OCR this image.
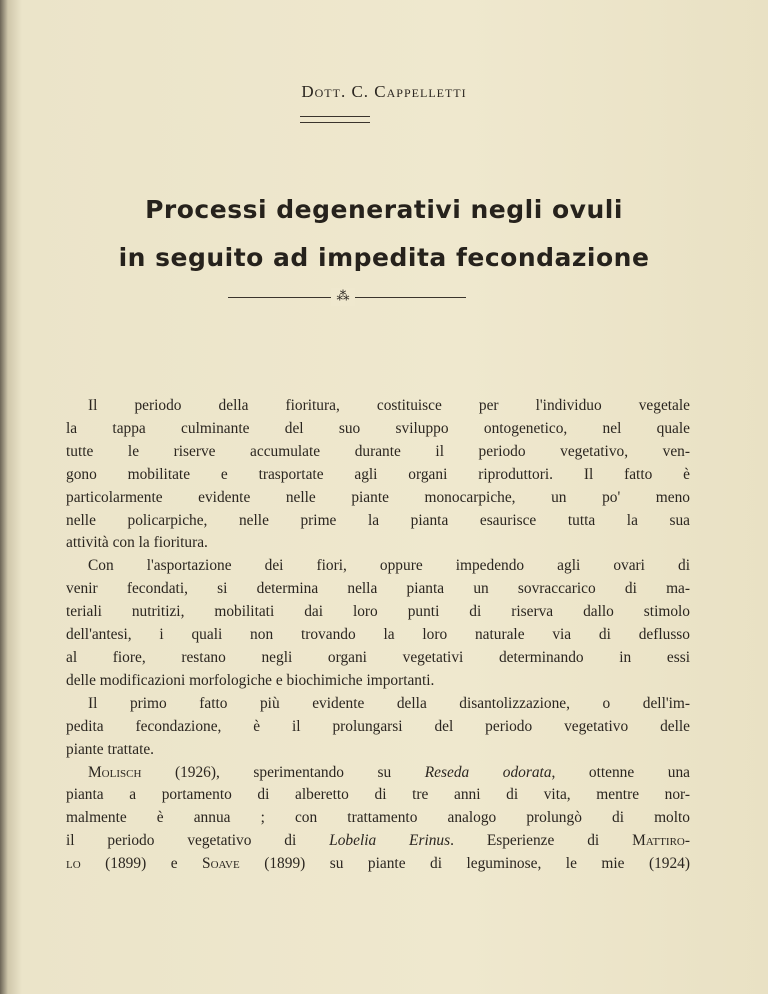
Dott. C. Cappelletti
Processi degenerativi negli ovuli
in seguito ad impedita fecondazione
⁂
Il periodo della fioritura, costituisce per l'individuo vegetale
la tappa culminante del suo sviluppo ontogenetico, nel quale
tutte le riserve accumulate durante il periodo vegetativo, ven-
gono mobilitate e trasportate agli organi riproduttori. Il fatto è
particolarmente evidente nelle piante monocarpiche, un po' meno
nelle policarpiche, nelle prime la pianta esaurisce tutta la sua
attività con la fioritura.
Con l'asportazione dei fiori, oppure impedendo agli ovari di
venir fecondati, si determina nella pianta un sovraccarico di ma-
teriali nutritizi, mobilitati dai loro punti di riserva dallo stimolo
dell'antesi, i quali non trovando la loro naturale via di deflusso
al fiore, restano negli organi vegetativi determinando in essi
delle modificazioni morfologiche e biochimiche importanti.
Il primo fatto più evidente della disantolizzazione, o dell'im-
pedita fecondazione, è il prolungarsi del periodo vegetativo delle
piante trattate.
Molisch (1926), sperimentando su Reseda odorata, ottenne una
pianta a portamento di alberetto di tre anni di vita, mentre nor-
malmente è annua ; con trattamento analogo prolungò di molto
il periodo vegetativo di Lobelia Erinus. Esperienze di Mattiro-
lo (1899) e Soave (1899) su piante di leguminose, le mie (1924)
